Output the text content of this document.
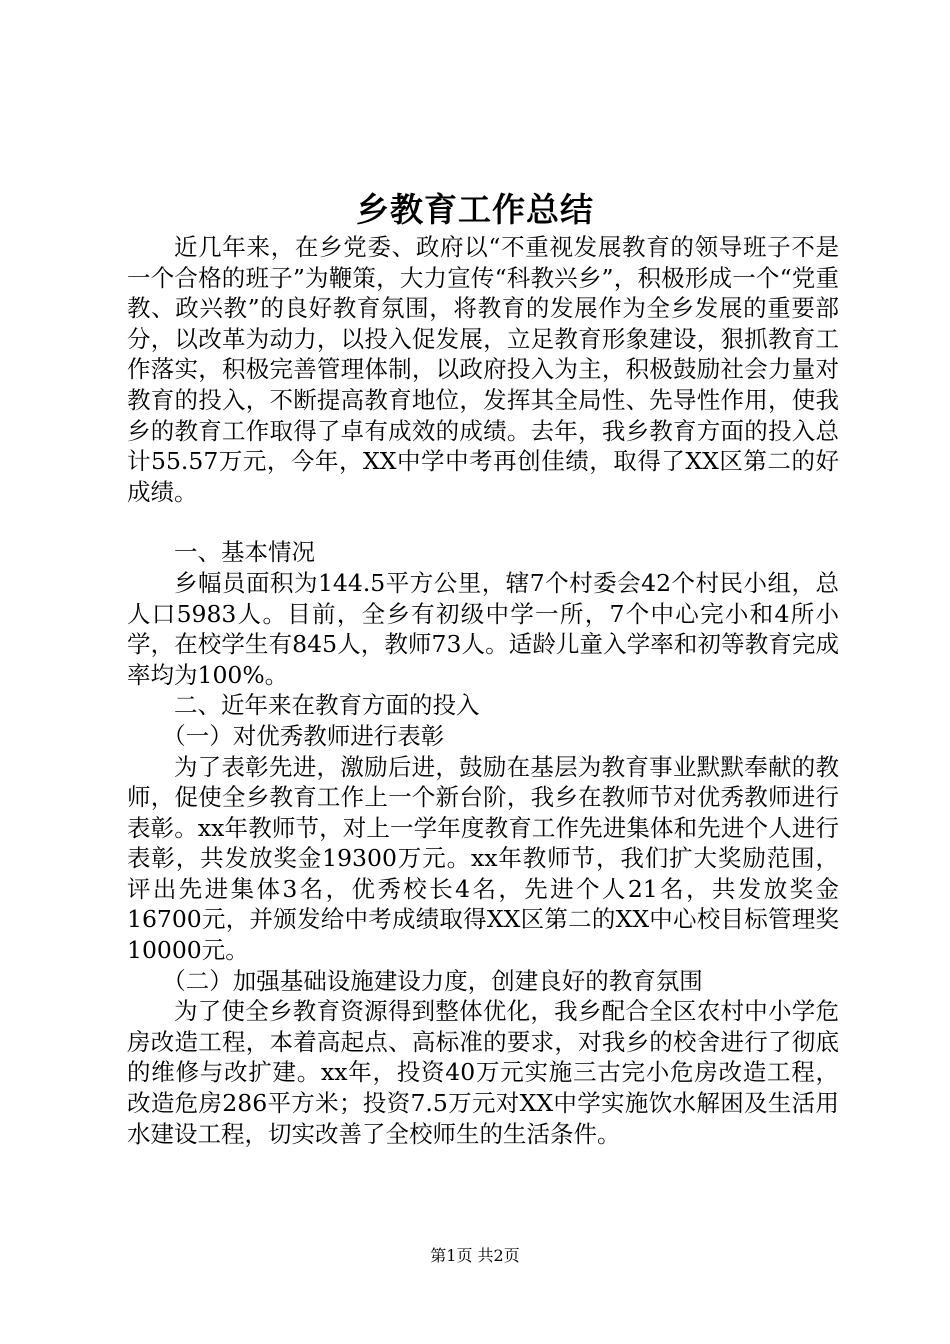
乡教育工作总结

近几年来，在乡党委、政府以“不重视发展教育的领导班子不是一个合格的班子”为鞭策，大力宣传“科教兴乡”，积极形成一个“党重教、政兴教”的良好教育氛围，将教育的发展作为全乡发展的重要部分，以改革为动力，以投入促发展，立足教育形象建设，狠抓教育工作落实，积极完善管理体制，以政府投入为主，积极鼓励社会力量对教育的投入，不断提高教育地位，发挥其全局性、先导性作用，使我乡的教育工作取得了卓有成效的成绩。去年，我乡教育方面的投入总计55.57万元，今年，XX中学中考再创佳绩，取得了XX区第二的好成绩。

一、基本情况

乡幅员面积为144.5平方公里，辖7个村委会42个村民小组，总人口5983人。目前，全乡有初级中学一所，7个中心完小和4所小学，在校学生有845人，教师73人。适龄儿童入学率和初等教育完成率均为100%。

二、近年来在教育方面的投入

（一）对优秀教师进行表彰

为了表彰先进，激励后进，鼓励在基层为教育事业默默奉献的教师，促使全乡教育工作上一个新台阶，我乡在教师节对优秀教师进行表彰。xx年教师节，对上一学年度教育工作先进集体和先进个人进行表彰，共发放奖金19300万元。xx年教师节，我们扩大奖励范围，评出先进集体3名，优秀校长4名，先进个人21名，共发放奖金16700元，并颁发给中考成绩取得XX区第二的XX中心校目标管理奖10000元。

（二）加强基础设施建设力度，创建良好的教育氛围

为了使全乡教育资源得到整体优化，我乡配合全区农村中小学危房改造工程，本着高起点、高标准的要求，对我乡的校舍进行了彻底的维修与改扩建。xx年，投资40万元实施三古完小危房改造工程，改造危房286平方米；投资7.5万元对XX中学实施饮水解困及生活用水建设工程，切实改善了全校师生的生活条件。

第1页 共2页
